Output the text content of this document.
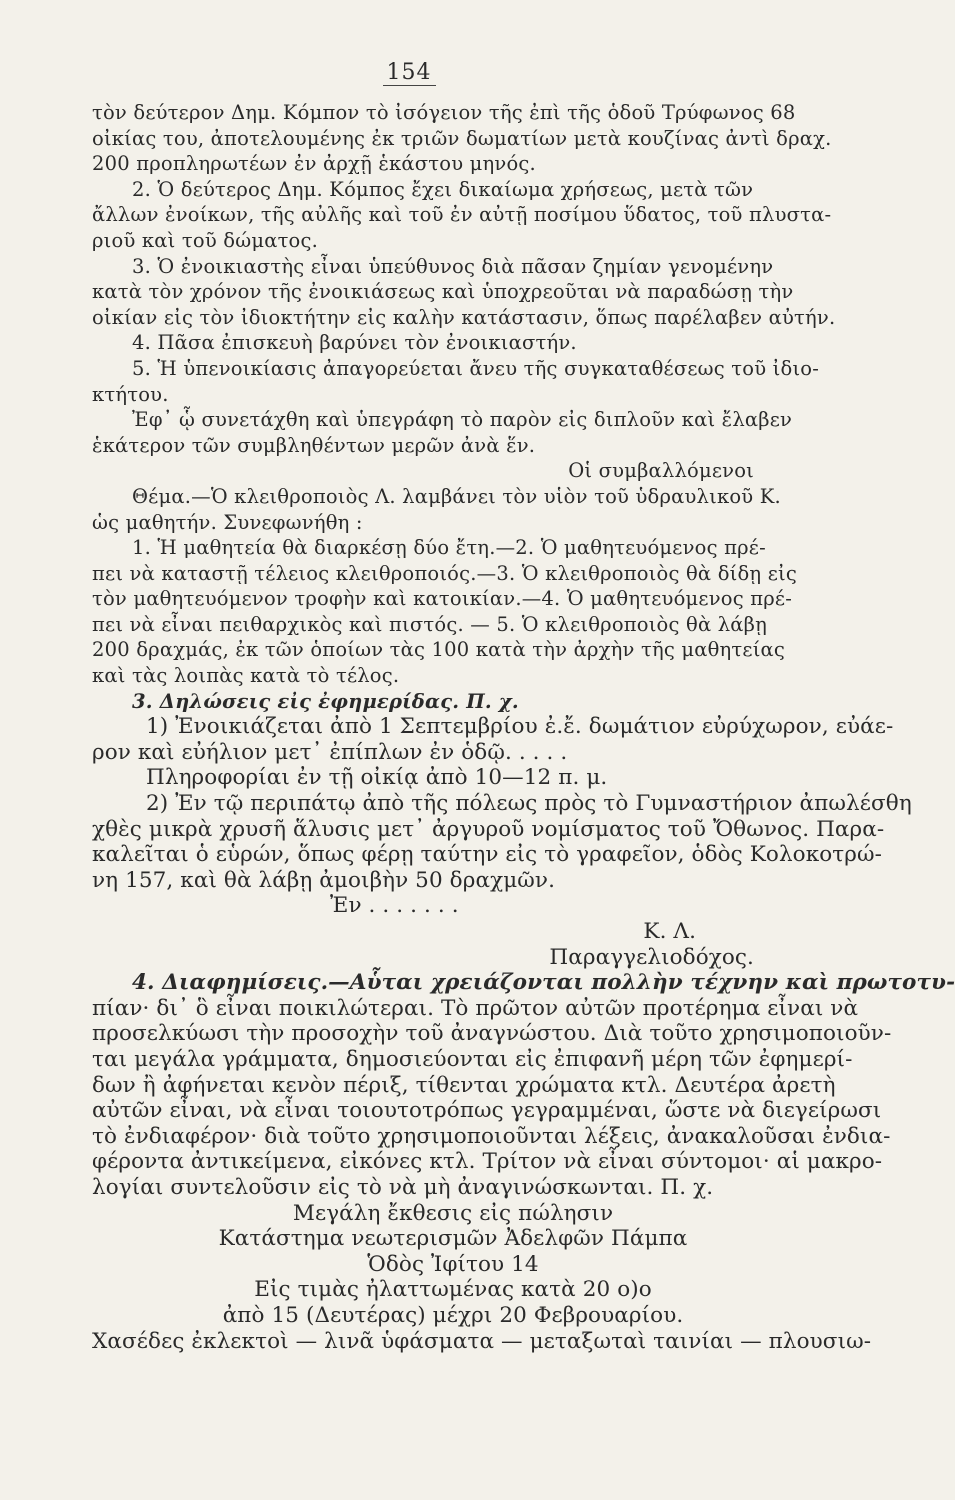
154
τὸν δεύτερον Δημ. Κόμπον τὸ ἰσόγειον τῆς ἐπὶ τῆς ὁδοῦ Τρύφωνος 68
οἰκίας του, ἀποτελουμένης ἐκ τριῶν δωματίων μετὰ κουζίνας ἀντὶ δραχ.
200 προπληρωτέων ἐν ἀρχῇ ἑκάστου μηνός.
2. Ὁ δεύτερος Δημ. Κόμπος ἔχει δικαίωμα χρήσεως, μετὰ τῶν
ἄλλων ἐνοίκων, τῆς αὐλῆς καὶ τοῦ ἐν αὐτῇ ποσίμου ὕδατος, τοῦ πλυστα-
ριοῦ καὶ τοῦ δώματος.
3. Ὁ ἐνοικιαστὴς εἶναι ὑπεύθυνος διὰ πᾶσαν ζημίαν γενομένην
κατὰ τὸν χρόνον τῆς ἐνοικιάσεως καὶ ὑποχρεοῦται νὰ παραδώσῃ τὴν
οἰκίαν εἰς τὸν ἰδιοκτήτην εἰς καλὴν κατάστασιν, ὅπως παρέλαβεν αὐτήν.
4. Πᾶσα ἐπισκευὴ βαρύνει τὸν ἐνοικιαστήν.
5. Ἡ ὑπενοικίασις ἀπαγορεύεται ἄνευ τῆς συγκαταθέσεως τοῦ ἰδιο-
κτήτου.
Ἐφ᾽ ᾧ συνετάχθη καὶ ὑπεγράφη τὸ παρὸν εἰς διπλοῦν καὶ ἔλαβεν
ἑκάτερον τῶν συμβληθέντων μερῶν ἀνὰ ἕν.
Οἱ συμβαλλόμενοι
Θέμα.—Ὁ κλειθροποιὸς Λ. λαμβάνει τὸν υἱὸν τοῦ ὑδραυλικοῦ Κ.
ὡς μαθητήν. Συνεφωνήθη :
1. Ἡ μαθητεία θὰ διαρκέσῃ δύο ἔτη.—2. Ὁ μαθητευόμενος πρέ-
πει νὰ καταστῇ τέλειος κλειθροποιός.—3. Ὁ κλειθροποιὸς θὰ δίδῃ εἰς
τὸν μαθητευόμενον τροφὴν καὶ κατοικίαν.—4. Ὁ μαθητευόμενος πρέ-
πει νὰ εἶναι πειθαρχικὸς καὶ πιστός. — 5. Ὁ κλειθροποιὸς θὰ λάβῃ
200 δραχμάς, ἐκ τῶν ὁποίων τὰς 100 κατὰ τὴν ἀρχὴν τῆς μαθητείας
καὶ τὰς λοιπὰς κατὰ τὸ τέλος.
3. Δηλώσεις εἰς ἐφημερίδας. Π. χ.
1) Ἐνοικιάζεται ἀπὸ 1 Σεπτεμβρίου ἐ.ἔ. δωμάτιον εὐρύχωρον, εὐάε-
ρον καὶ εὐήλιον μετ᾽ ἐπίπλων ἐν ὁδῷ. . . . .
Πληροφορίαι ἐν τῇ οἰκίᾳ ἀπὸ 10—12 π. μ.
2) Ἐν τῷ περιπάτῳ ἀπὸ τῆς πόλεως πρὸς τὸ Γυμναστήριον ἀπωλέσθη
χθὲς μικρὰ χρυσῆ ἅλυσις μετ᾽ ἀργυροῦ νομίσματος τοῦ Ὄθωνος. Παρα-
καλεῖται ὁ εὑρών, ὅπως φέρῃ ταύτην εἰς τὸ γραφεῖον, ὁδὸς Κολοκοτρώ-
νη 157, καὶ θὰ λάβῃ ἀμοιβὴν 50 δραχμῶν.
Ἐν . . . . . . .
Κ. Λ.
Παραγγελιοδόχος.
4. Διαφημίσεις.—Αὗται χρειάζονται πολλὴν τέχνην καὶ πρωτοτυ-
πίαν· δι᾽ ὃ εἶναι ποικιλώτεραι. Τὸ πρῶτον αὐτῶν προτέρημα εἶναι νὰ
προσελκύωσι τὴν προσοχὴν τοῦ ἀναγνώστου. Διὰ τοῦτο χρησιμοποιοῦν-
ται μεγάλα γράμματα, δημοσιεύονται εἰς ἐπιφανῆ μέρη τῶν ἐφημερί-
δων ἢ ἀφήνεται κενὸν πέριξ, τίθενται χρώματα κτλ. Δευτέρα ἀρετὴ
αὐτῶν εἶναι, νὰ εἶναι τοιουτοτρόπως γεγραμμέναι, ὥστε νὰ διεγείρωσι
τὸ ἐνδιαφέρον· διὰ τοῦτο χρησιμοποιοῦνται λέξεις, ἀνακαλοῦσαι ἐνδια-
φέροντα ἀντικείμενα, εἰκόνες κτλ. Τρίτον νὰ εἶναι σύντομοι· αἱ μακρο-
λογίαι συντελοῦσιν εἰς τὸ νὰ μὴ ἀναγινώσκωνται. Π. χ.
Μεγάλη ἔκθεσις εἰς πώλησιν
Κατάστημα νεωτερισμῶν Ἀδελφῶν Πάμπα
Ὁδὸς Ἰφίτου 14
Εἰς τιμὰς ἠλαττωμένας κατὰ 20 ο)ο
ἀπὸ 15 (Δευτέρας) μέχρι 20 Φεβρουαρίου.
Χασέδες ἐκλεκτοὶ — λινᾶ ὑφάσματα — μεταξωταὶ ταινίαι — πλουσιω-
